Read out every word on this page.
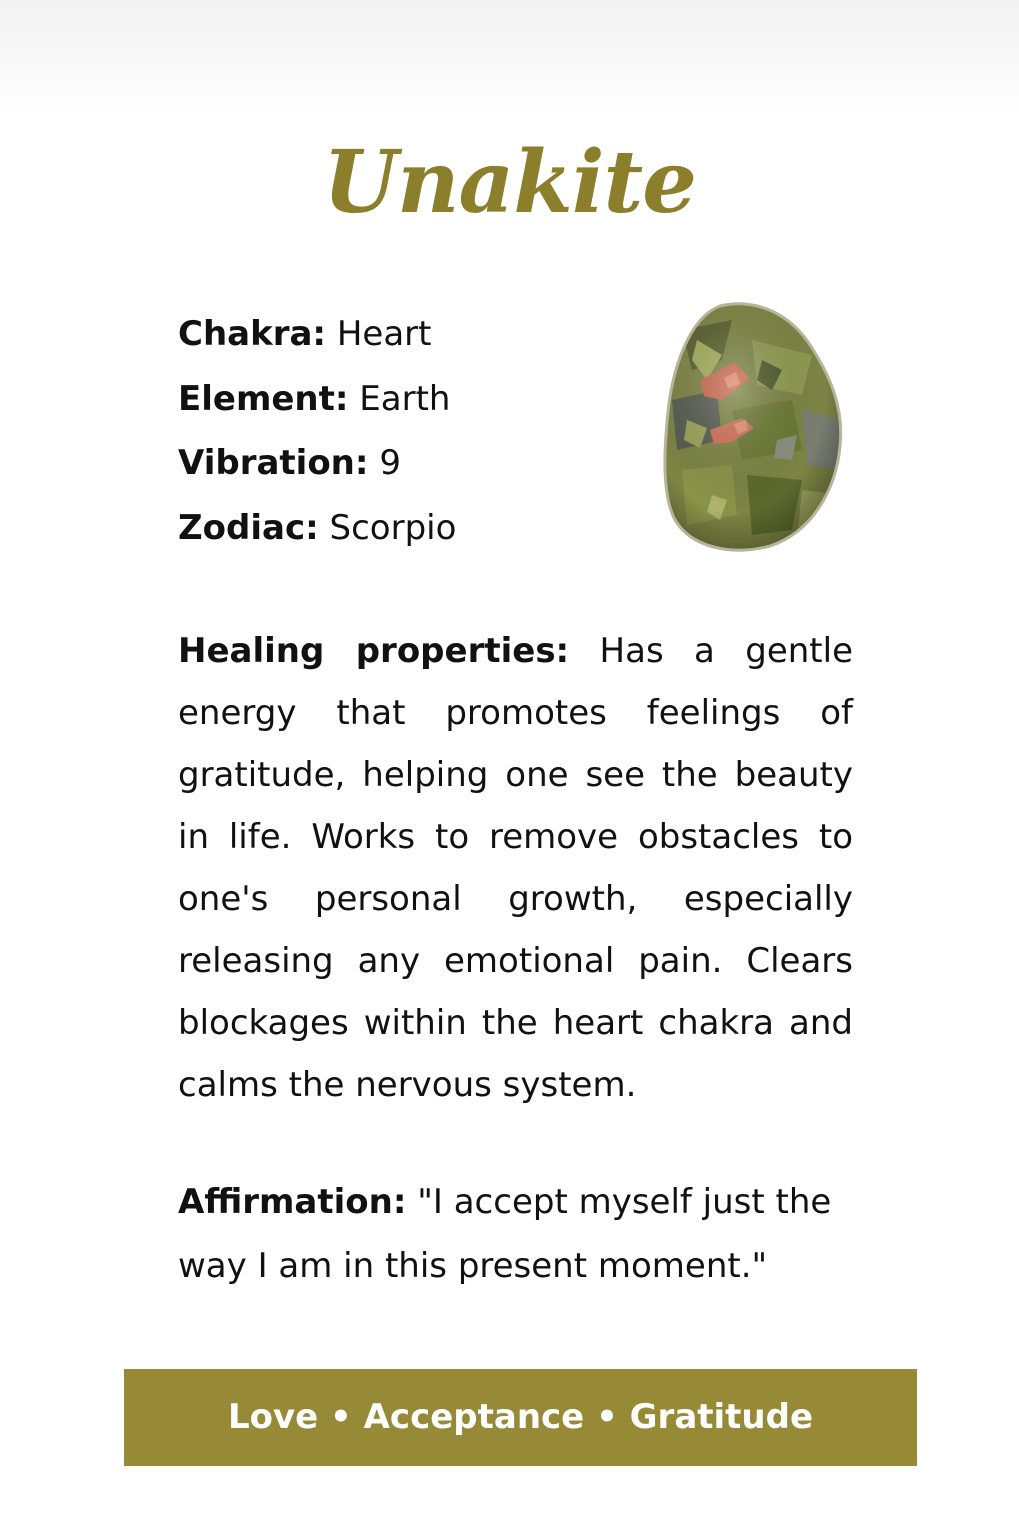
Unakite
Chakra: Heart
Element: Earth
Vibration: 9
Zodiac: Scorpio

Healing properties: Has a gentle energy that promotes feelings of gratitude, helping one see the beauty in life. Works to remove obstacles to one's personal growth, especially releasing any emotional pain. Clears blockages within the heart chakra and calms the nervous system.

Affirmation: "I accept myself just the way I am in this present moment."

Love • Acceptance • Gratitude
